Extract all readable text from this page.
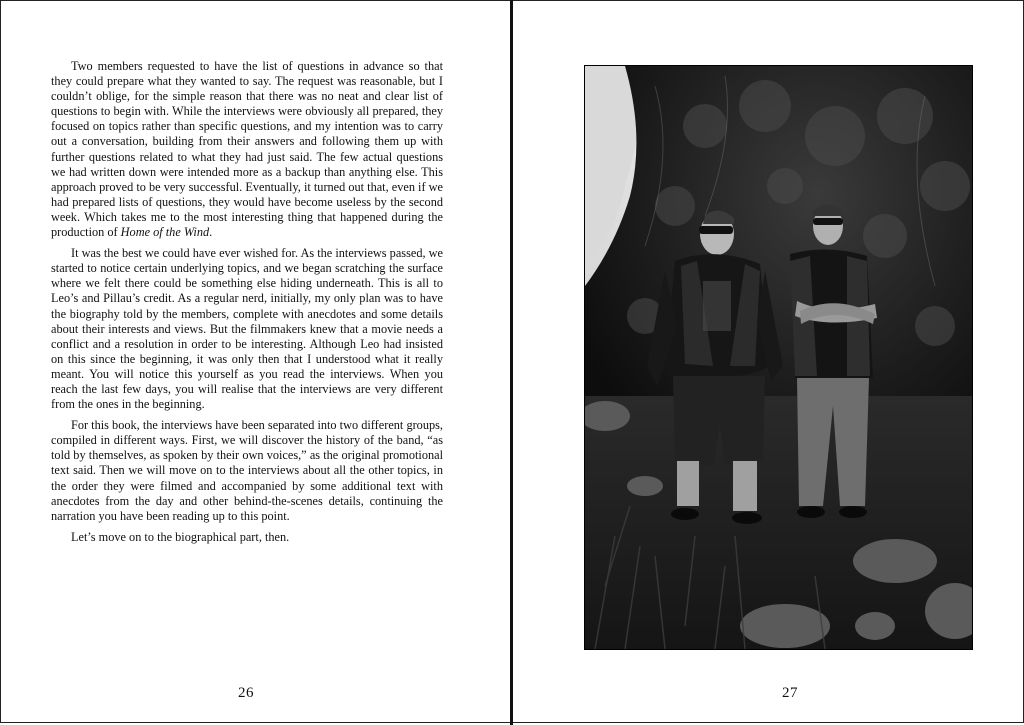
Two members requested to have the list of questions in advance so that they could prepare what they wanted to say. The request was reasonable, but I couldn’t oblige, for the simple reason that there was no neat and clear list of questions to begin with. While the interviews were obviously all prepared, they focused on topics rather than specific questions, and my intention was to carry out a conversation, building from their answers and following them up with further questions related to what they had just said. The few actual questions we had written down were intended more as a backup than anything else. This approach proved to be very successful. Eventually, it turned out that, even if we had prepared lists of questions, they would have become useless by the second week. Which takes me to the most interesting thing that happened during the production of Home of the Wind.

It was the best we could have ever wished for. As the interviews passed, we started to notice certain underlying topics, and we began scratching the surface where we felt there could be something else hiding underneath. This is all to Leo’s and Pillau’s credit. As a regular nerd, initially, my only plan was to have the biography told by the members, complete with anecdotes and some details about their interests and views. But the filmmakers knew that a movie needs a conflict and a resolution in order to be interesting. Although Leo had insisted on this since the beginning, it was only then that I understood what it really meant. You will notice this yourself as you read the interviews. When you reach the last few days, you will realise that the interviews are very different from the ones in the beginning.

For this book, the interviews have been separated into two different groups, compiled in different ways. First, we will discover the history of the band, “as told by themselves, as spoken by their own voices,” as the original promotional text said. Then we will move on to the interviews about all the other topics, in the order they were filmed and accompanied by some additional text with anecdotes from the day and other behind-the-scenes details, continuing the narration you have been reading up to this point.

Let’s move on to the biographical part, then.

26	27
